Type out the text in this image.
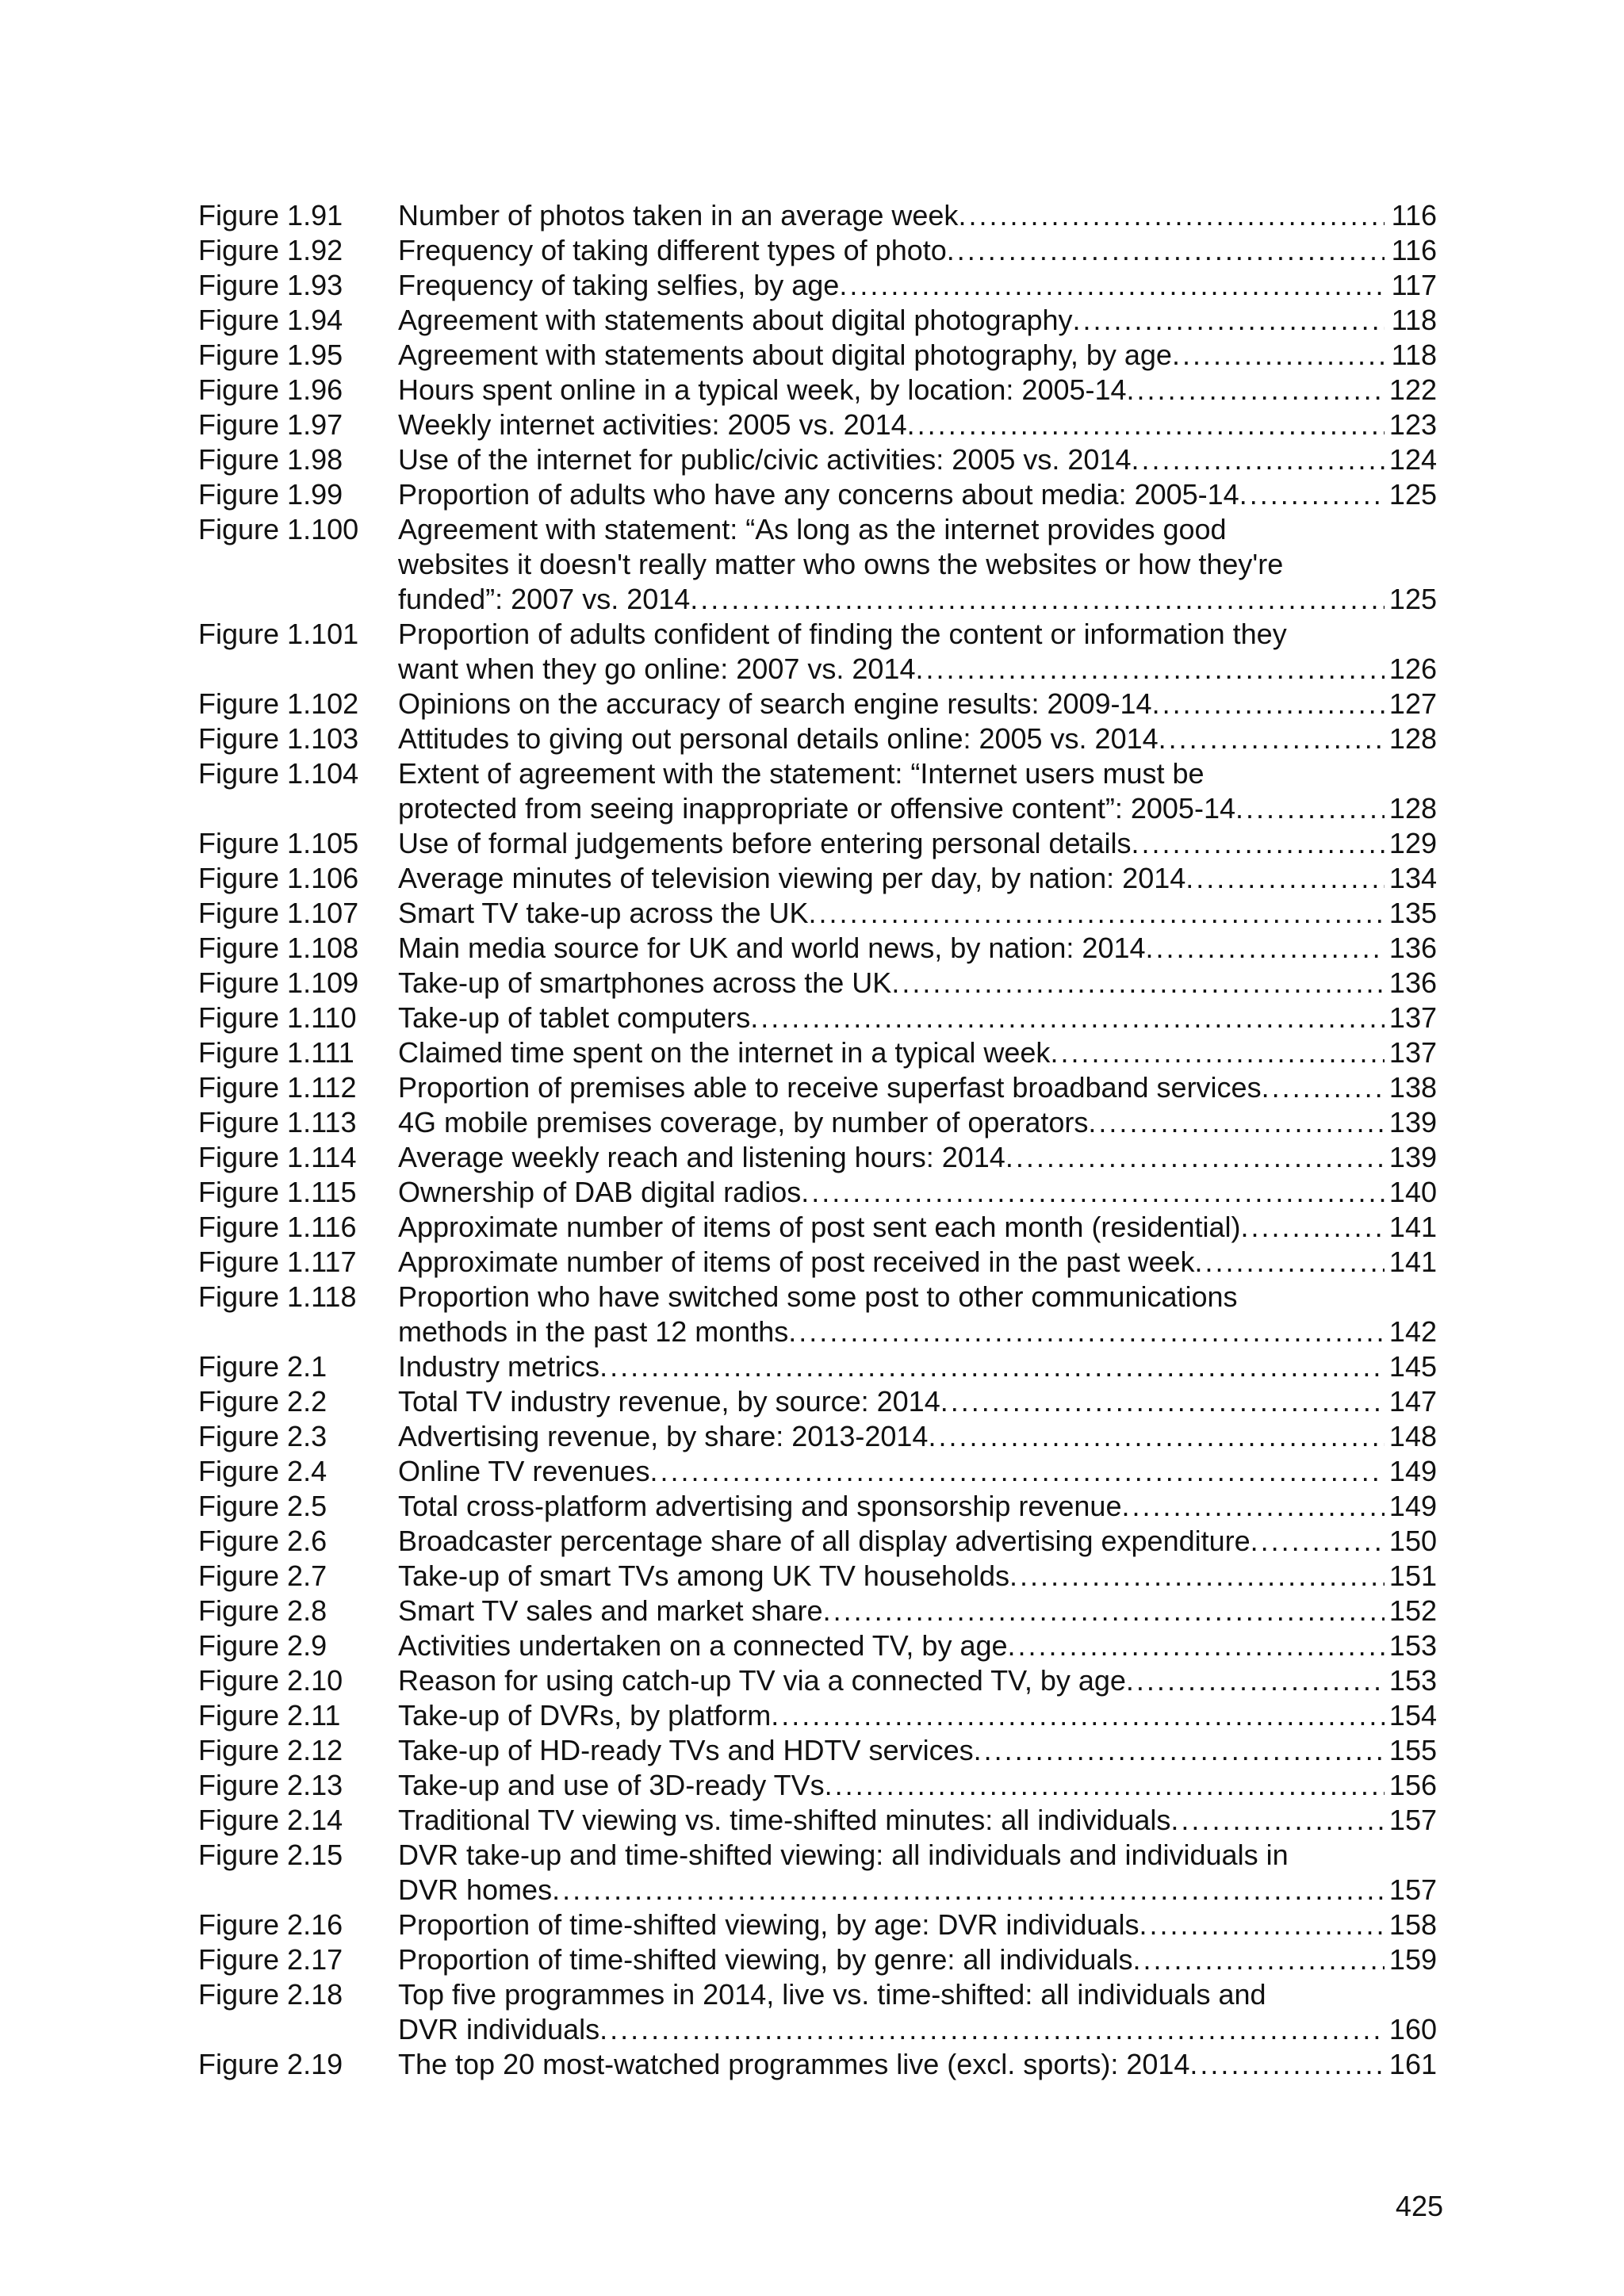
Figure 1.91	Number of photos taken in an average week . . .	116
Figure 1.92	Frequency of taking different types of photo . . .	116
Figure 1.93	Frequency of taking selfies, by age . . .	117
Figure 1.94	Agreement with statements about digital photography . . .	118
Figure 1.95	Agreement with statements about digital photography, by age . . .	118
Figure 1.96	Hours spent online in a typical week, by location: 2005-14 . . .	122
Figure 1.97	Weekly internet activities: 2005 vs. 2014 . . .	123
Figure 1.98	Use of the internet for public/civic activities: 2005 vs. 2014 . . .	124
Figure 1.99	Proportion of adults who have any concerns about media: 2005-14 . . .	125
Figure 1.100	Agreement with statement: “As long as the internet provides good
websites it doesn't really matter who owns the websites or how they're
funded”: 2007 vs. 2014 . . .	125
Figure 1.101	Proportion of adults confident of finding the content or information they
want when they go online: 2007 vs. 2014 . . .	126
Figure 1.102	Opinions on the accuracy of search engine results: 2009-14 . . .	127
Figure 1.103	Attitudes to giving out personal details online: 2005 vs. 2014 . . .	128
Figure 1.104	Extent of agreement with the statement: “Internet users must be
protected from seeing inappropriate or offensive content”: 2005-14 . . .	128
Figure 1.105	Use of formal judgements before entering personal details . . .	129
Figure 1.106	Average minutes of television viewing per day, by nation: 2014 . . .	134
Figure 1.107	Smart TV take-up across the UK . . .	135
Figure 1.108	Main media source for UK and world news, by nation: 2014 . . .	136
Figure 1.109	Take-up of smartphones across the UK . . .	136
Figure 1.110	Take-up of tablet computers . . .	137
Figure 1.111	Claimed time spent on the internet in a typical week . . .	137
Figure 1.112	Proportion of premises able to receive superfast broadband services . . .	138
Figure 1.113	4G mobile premises coverage, by number of operators . . .	139
Figure 1.114	Average weekly reach and listening hours: 2014 . . .	139
Figure 1.115	Ownership of DAB digital radios . . .	140
Figure 1.116	Approximate number of items of post sent each month (residential) . . .	141
Figure 1.117	Approximate number of items of post received in the past week . . .	141
Figure 1.118	Proportion who have switched some post to other communications
methods in the past 12 months . . .	142
Figure 2.1	Industry metrics . . .	145
Figure 2.2	Total TV industry revenue, by source: 2014 . . .	147
Figure 2.3	Advertising revenue, by share: 2013-2014 . . .	148
Figure 2.4	Online TV revenues . . .	149
Figure 2.5	Total cross-platform advertising and sponsorship revenue . . .	149
Figure 2.6	Broadcaster percentage share of all display advertising expenditure . . .	150
Figure 2.7	Take-up of smart TVs among UK TV households . . .	151
Figure 2.8	Smart TV sales and market share . . .	152
Figure 2.9	Activities undertaken on a connected TV, by age . . .	153
Figure 2.10	Reason for using catch-up TV via a connected TV, by age . . .	153
Figure 2.11	Take-up of DVRs, by platform . . .	154
Figure 2.12	Take-up of HD-ready TVs and HDTV services . . .	155
Figure 2.13	Take-up and use of 3D-ready TVs . . .	156
Figure 2.14	Traditional TV viewing vs. time-shifted minutes: all individuals . . .	157
Figure 2.15	DVR take-up and time-shifted viewing: all individuals and individuals in
DVR homes . . .	157
Figure 2.16	Proportion of time-shifted viewing, by age: DVR individuals . . .	158
Figure 2.17	Proportion of time-shifted viewing, by genre: all individuals . . .	159
Figure 2.18	Top five programmes in 2014, live vs. time-shifted: all individuals and
DVR individuals . . .	160
Figure 2.19	The top 20 most-watched programmes live (excl. sports): 2014 . . .	161
425
